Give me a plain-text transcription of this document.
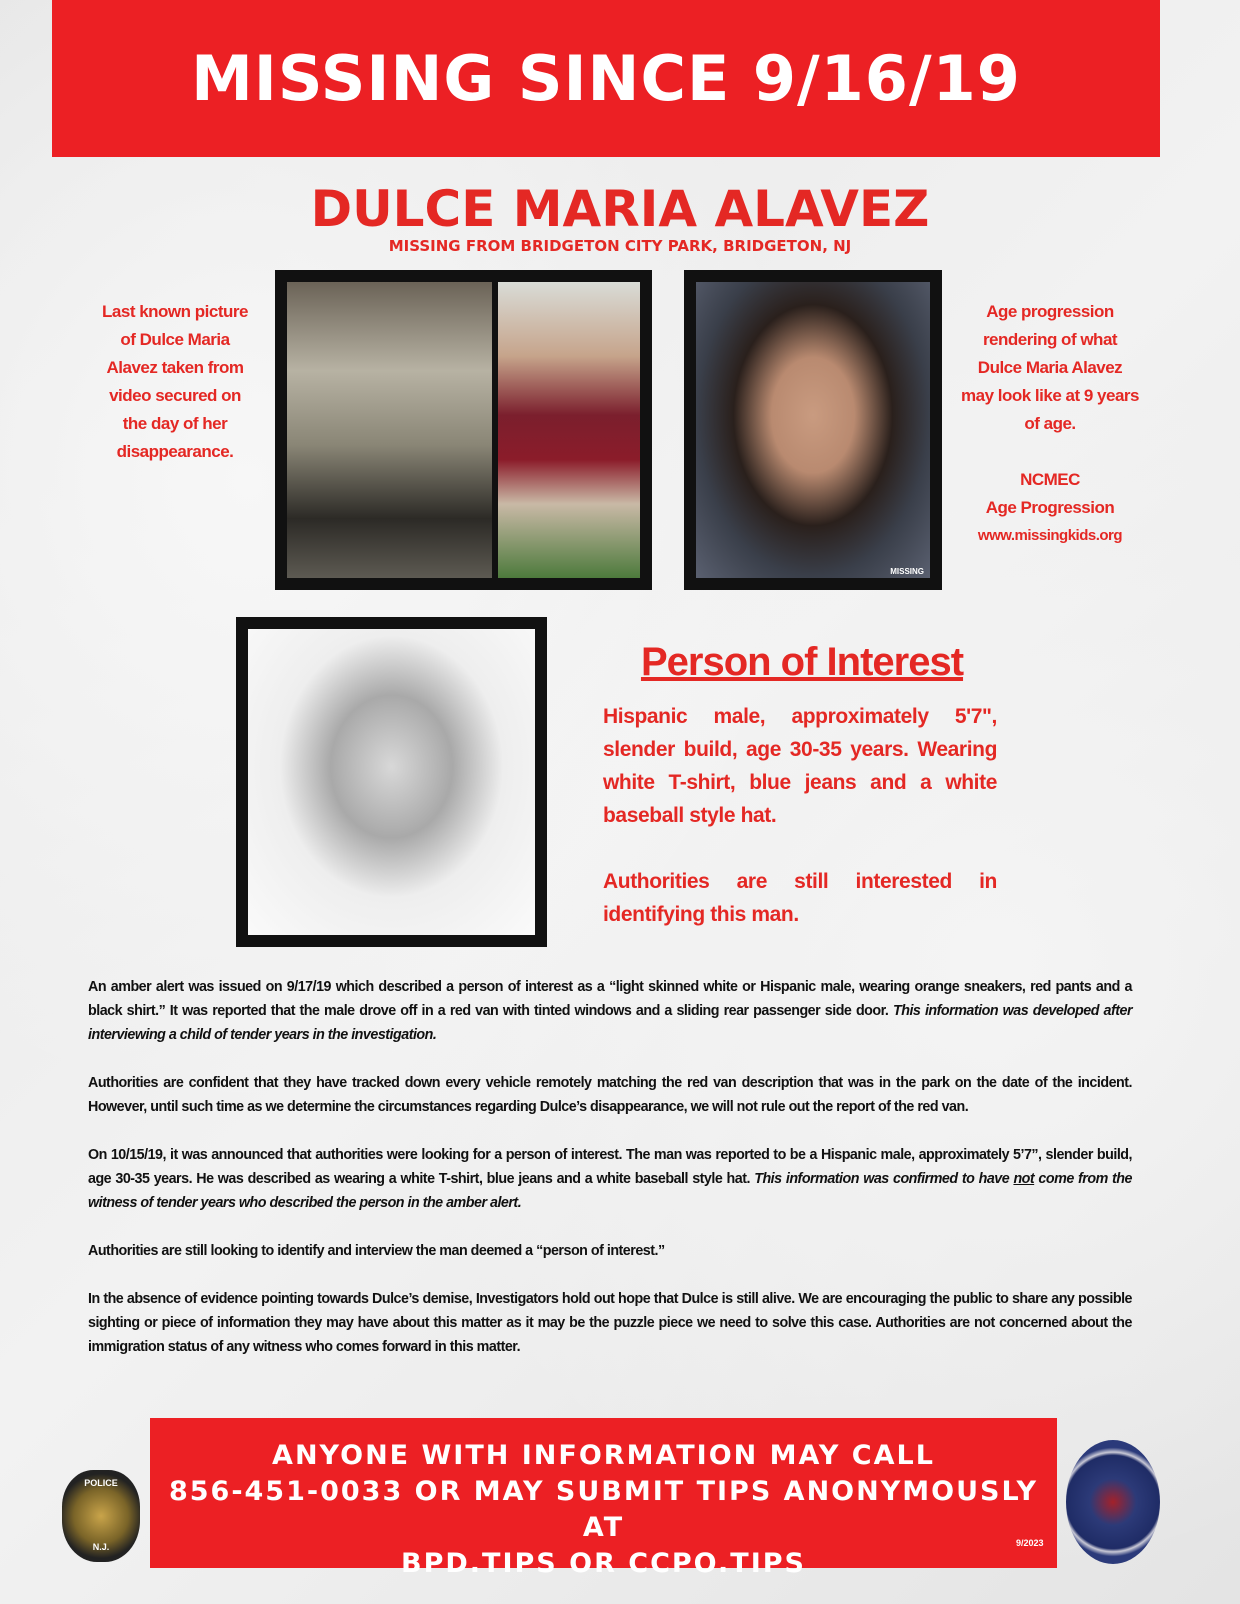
MISSING SINCE 9/16/19
DULCE MARIA ALAVEZ
MISSING FROM BRIDGETON CITY PARK, BRIDGETON, NJ
Last known picture of Dulce Maria Alavez taken from video secured on the day of her disappearance.
MISSING
Age progression rendering of what Dulce Maria Alavez may look like at 9 years of age.
NCMEC
Age Progression
www.missingkids.org
Person of Interest
Hispanic male, approximately 5'7", slender build, age 30-35 years. Wearing white T-shirt, blue jeans and a white baseball style hat.
Authorities are still interested in identifying this man.

An amber alert was issued on 9/17/19 which described a person of interest as a “light skinned white or Hispanic male, wearing orange sneakers, red pants and a black shirt.” It was reported that the male drove off in a red van with tinted windows and a sliding rear passenger side door. This information was developed after interviewing a child of tender years in the investigation.

Authorities are confident that they have tracked down every vehicle remotely matching the red van description that was in the park on the date of the incident. However, until such time as we determine the circumstances regarding Dulce’s disappearance, we will not rule out the report of the red van.

On 10/15/19, it was announced that authorities were looking for a person of interest. The man was reported to be a Hispanic male, approximately 5’7”, slender build, age 30-35 years. He was described as wearing a white T-shirt, blue jeans and a white baseball style hat. This information was confirmed to have not come from the witness of tender years who described the person in the amber alert.

Authorities are still looking to identify and interview the man deemed a “person of interest.”

In the absence of evidence pointing towards Dulce’s demise, Investigators hold out hope that Dulce is still alive. We are encouraging the public to share any possible sighting or piece of information they may have about this matter as it may be the puzzle piece we need to solve this case. Authorities are not concerned about the immigration status of any witness who comes forward in this matter.

ANYONE WITH INFORMATION MAY CALL
856-451-0033 OR MAY SUBMIT TIPS ANONYMOUSLY AT
BPD.TIPS OR CCPO.TIPS
POLICE
N.J.	9/2023
